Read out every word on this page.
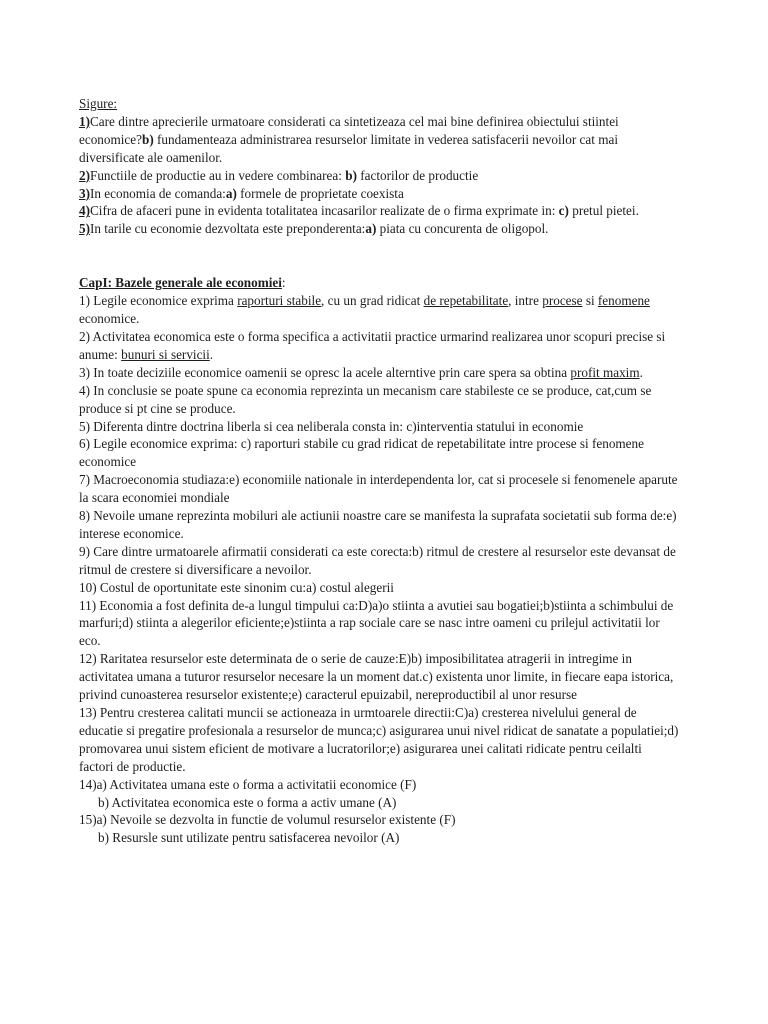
Sigure:

1)Care dintre aprecierile urmatoare considerati ca sintetizeaza cel mai bine definirea obiectului stiintei economice?b) fundamenteaza administrarea resurselor limitate in vederea satisfacerii nevoilor cat mai diversificate ale oamenilor.

2)Functiile de productie au in vedere combinarea: b) factorilor de productie

3)In economia de comanda:a) formele de proprietate coexista

4)Cifra de afaceri pune in evidenta totalitatea incasarilor realizate de o firma exprimate in: c) pretul pietei.

5)In tarile cu economie dezvoltata este preponderenta:a) piata cu concurenta de oligopol.

CapI: Bazele generale ale economiei:

1) Legile economice exprima raporturi stabile, cu un grad ridicat de repetabilitate, intre procese si fenomene economice.

2) Activitatea economica este o forma specifica a activitatii practice urmarind realizarea unor scopuri precise si anume: bunuri si servicii.

3) In toate deciziile economice oamenii se opresc la acele alterntive prin care spera sa obtina profit maxim.

4) In conclusie se poate spune ca economia reprezinta un mecanism care stabileste ce se produce, cat,cum se produce si pt cine se produce.

5) Diferenta dintre doctrina liberla si cea neliberala consta in: c)interventia statului in economie

6) Legile economice exprima: c) raporturi stabile cu grad ridicat de repetabilitate intre procese si fenomene economice

7) Macroeconomia studiaza:e) economiile nationale in interdependenta lor, cat si procesele si fenomenele aparute la scara economiei mondiale

8) Nevoile umane reprezinta mobiluri ale actiunii noastre care se manifesta la suprafata societatii sub forma de:e) interese economice.

9) Care dintre urmatoarele afirmatii considerati ca este corecta:b) ritmul de crestere al resurselor este devansat de ritmul de crestere si diversificare a nevoilor.

10) Costul de oportunitate este sinonim cu:a) costul alegerii

11) Economia a fost definita de-a lungul timpului ca:D)a)o stiinta a avutiei sau bogatiei;b)stiinta a schimbului de marfuri;d) stiinta a alegerilor eficiente;e)stiinta a rap sociale care se nasc intre oameni cu prilejul activitatii lor eco.

12) Raritatea resurselor este determinata de o serie de cauze:E)b) imposibilitatea atragerii in intregime in activitatea umana a tuturor resurselor necesare la un moment dat.c) existenta unor limite, in fiecare eapa istorica, privind cunoasterea resurselor existente;e) caracterul epuizabil, nereproductibil al unor resurse

13) Pentru cresterea calitati muncii se actioneaza in urmtoarele directii:C)a) cresterea nivelului general de educatie si pregatire profesionala a resurselor de munca;c) asigurarea unui nivel ridicat de sanatate a populatiei;d) promovarea unui sistem eficient de motivare a lucratorilor;e) asigurarea unei calitati ridicate pentru ceilalti factori de productie.

14)a) Activitatea umana este o forma a activitatii economice (F)

b) Activitatea economica este o forma a activ umane (A)

15)a) Nevoile se dezvolta in functie de volumul resurselor existente (F)

b) Resursle sunt utilizate pentru satisfacerea nevoilor (A)
